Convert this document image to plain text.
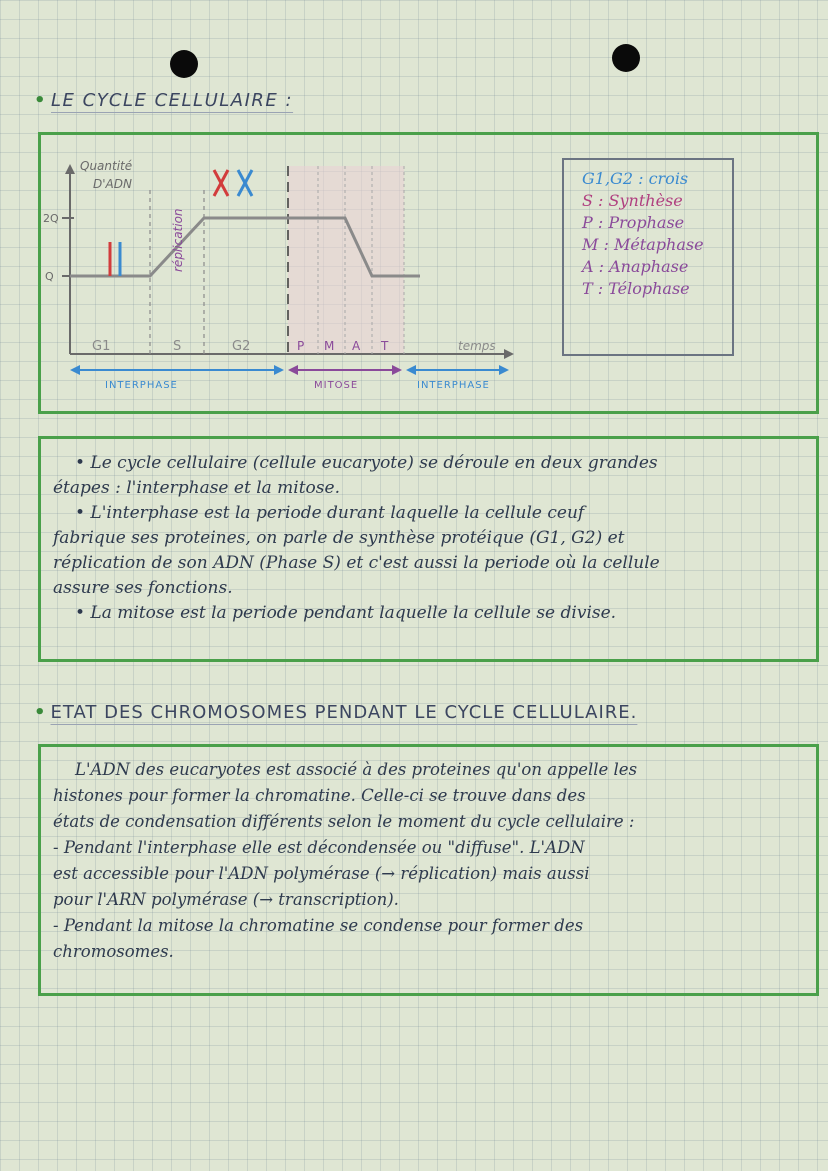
• LE CYCLE CELLULAIRE :
2Q
Q
Quantité
D'ADN
réplication
G1	S	G2	P M A T	temps
INTERPHASE	MITOSE	INTERPHASE
G1,G2 : crois
S : Synthèse
P : Prophase
M : Métaphase
A : Anaphase
T : Télophase

• Le cycle cellulaire (cellule eucaryote) se déroule en deux grandes

étapes : l'interphase et la mitose.

• L'interphase est la periode durant laquelle la cellule ceuf

fabrique ses proteines, on parle de synthèse protéique (G1, G2) et

réplication de son ADN (Phase S) et c'est aussi la periode où la cellule

assure ses fonctions.

• La mitose est la periode pendant laquelle la cellule se divise.

• ETAT DES CHROMOSOMES PENDANT LE CYCLE CELLULAIRE.

L'ADN des eucaryotes est associé à des proteines qu'on appelle les

histones pour former la chromatine. Celle-ci se trouve dans des

états de condensation différents selon le moment du cycle cellulaire :

- Pendant l'interphase elle est décondensée ou "diffuse". L'ADN

est accessible pour l'ADN polymérase (→ réplication) mais aussi

pour l'ARN polymérase (→ transcription).

- Pendant la mitose la chromatine se condense pour former des

chromosomes.
